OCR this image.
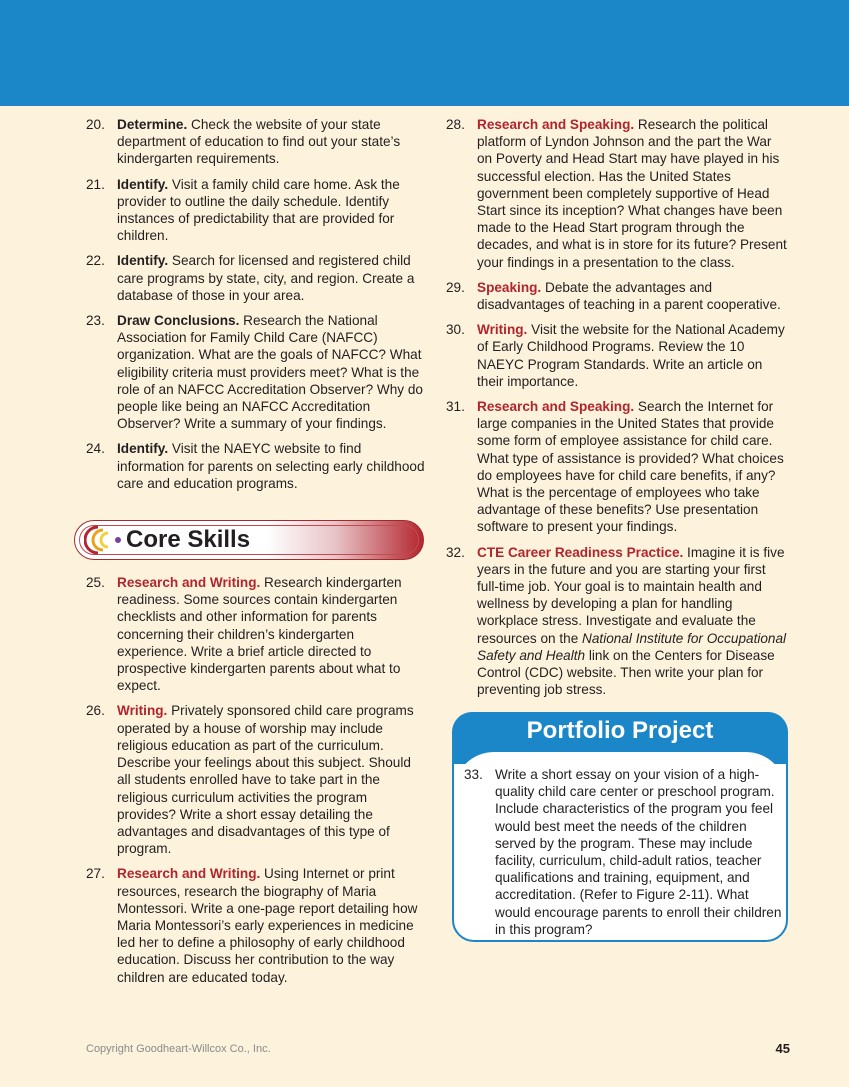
20. Determine. Check the website of your state department of education to find out your state’s kindergarten requirements.
21. Identify. Visit a family child care home. Ask the provider to outline the daily schedule. Identify instances of predictability that are provided for children.
22. Identify. Search for licensed and registered child care programs by state, city, and region. Create a database of those in your area.
23. Draw Conclusions. Research the National Association for Family Child Care (NAFCC) organization. What are the goals of NAFCC? What eligibility criteria must providers meet? What is the role of an NAFCC Accreditation Observer? Why do people like being an NAFCC Accreditation Observer? Write a summary of your findings.
24. Identify. Visit the NAEYC website to find information for parents on selecting early childhood care and education programs.
Core Skills
25. Research and Writing. Research kindergarten readiness. Some sources contain kindergarten checklists and other information for parents concerning their children’s kindergarten experience. Write a brief article directed to prospective kindergarten parents about what to expect.
26. Writing. Privately sponsored child care programs operated by a house of worship may include religious education as part of the curriculum. Describe your feelings about this subject. Should all students enrolled have to take part in the religious curriculum activities the program provides? Write a short essay detailing the advantages and disadvantages of this type of program.
27. Research and Writing. Using Internet or print resources, research the biography of Maria Montessori. Write a one-page report detailing how Maria Montessori’s early experiences in medicine led her to define a philosophy of early childhood education. Discuss her contribution to the way children are educated today.
28. Research and Speaking. Research the political platform of Lyndon Johnson and the part the War on Poverty and Head Start may have played in his successful election. Has the United States government been completely supportive of Head Start since its inception? What changes have been made to the Head Start program through the decades, and what is in store for its future? Present your findings in a presentation to the class.
29. Speaking. Debate the advantages and disadvantages of teaching in a parent cooperative.
30. Writing. Visit the website for the National Academy of Early Childhood Programs. Review the 10 NAEYC Program Standards. Write an article on their importance.
31. Research and Speaking. Search the Internet for large companies in the United States that provide some form of employee assistance for child care. What type of assistance is provided? What choices do employees have for child care benefits, if any? What is the percentage of employees who take advantage of these benefits? Use presentation software to present your findings.
32. CTE Career Readiness Practice. Imagine it is five years in the future and you are starting your first full-time job. Your goal is to maintain health and wellness by developing a plan for handling workplace stress. Investigate and evaluate the resources on the National Institute for Occupational Safety and Health link on the Centers for Disease Control (CDC) website. Then write your plan for preventing job stress.
Portfolio Project
33. Write a short essay on your vision of a high-quality child care center or preschool program. Include characteristics of the program you feel would best meet the needs of the children served by the program. These may include facility, curriculum, child-adult ratios, teacher qualifications and training, equipment, and accreditation. (Refer to Figure 2-11). What would encourage parents to enroll their children in this program?
Copyright Goodheart-Willcox Co., Inc.	45
